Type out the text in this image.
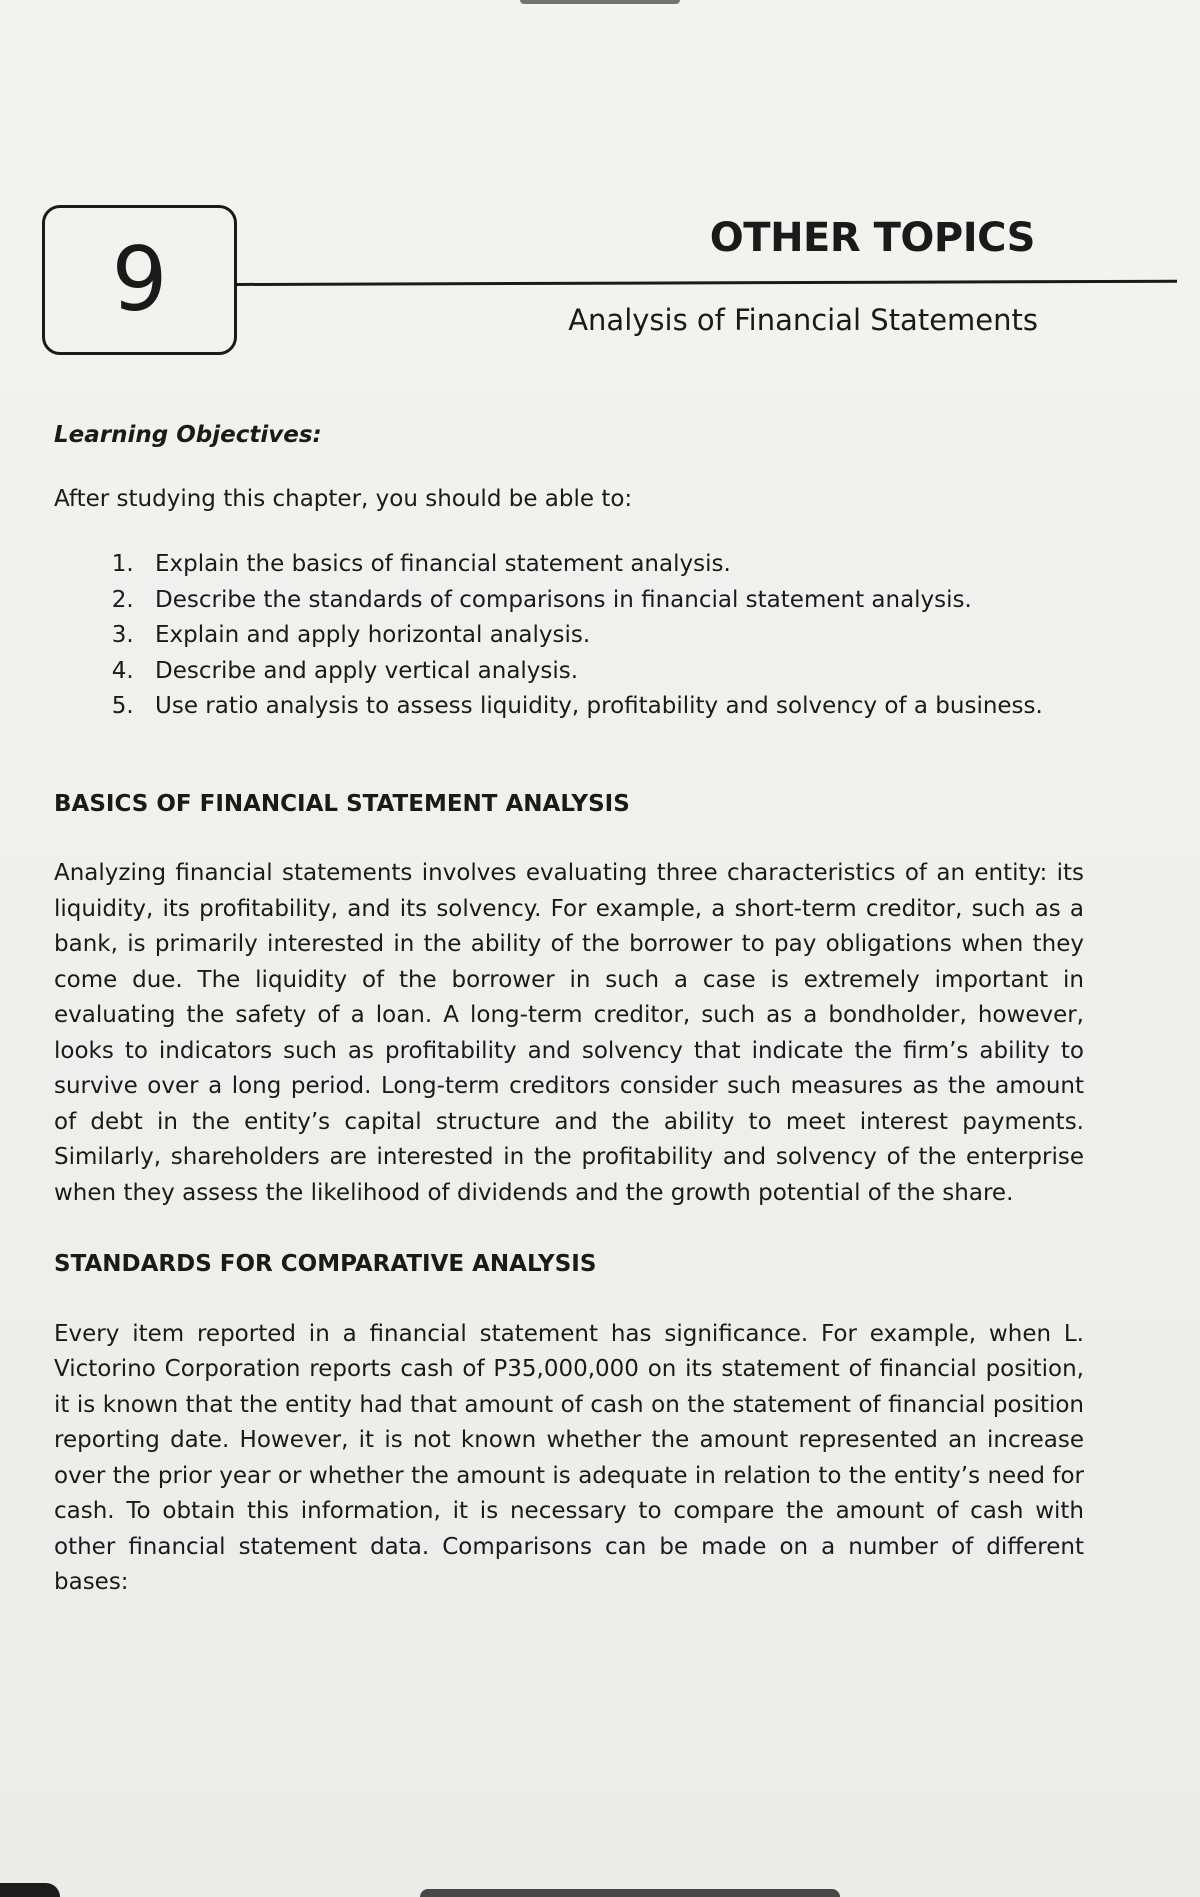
9	OTHER TOPICS
Analysis of Financial Statements
Learning Objectives:
After studying this chapter, you should be able to:
1. Explain the basics of financial statement analysis.
2. Describe the standards of comparisons in financial statement analysis.
3. Explain and apply horizontal analysis.
4. Describe and apply vertical analysis.
5. Use ratio analysis to assess liquidity, profitability and solvency of a business.
BASICS OF FINANCIAL STATEMENT ANALYSIS

Analyzing financial statements involves evaluating three characteristics of an entity: its liquidity, its profitability, and its solvency. For example, a short-term creditor, such as a bank, is primarily interested in the ability of the borrower to pay obligations when they come due. The liquidity of the borrower in such a case is extremely important in evaluating the safety of a loan. A long-term creditor, such as a bondholder, however, looks to indicators such as profitability and solvency that indicate the firm’s ability to survive over a long period. Long-term creditors consider such measures as the amount of debt in the entity’s capital structure and the ability to meet interest payments. Similarly, shareholders are interested in the profitability and solvency of the enterprise when they assess the likelihood of dividends and the growth potential of the share.

STANDARDS FOR COMPARATIVE ANALYSIS

Every item reported in a financial statement has significance. For example, when L. Victorino Corporation reports cash of P35,000,000 on its statement of financial position, it is known that the entity had that amount of cash on the statement of financial position reporting date. However, it is not known whether the amount represented an increase over the prior year or whether the amount is adequate in relation to the entity’s need for cash. To obtain this information, it is necessary to compare the amount of cash with other financial statement data. Comparisons can be made on a number of different bases:
